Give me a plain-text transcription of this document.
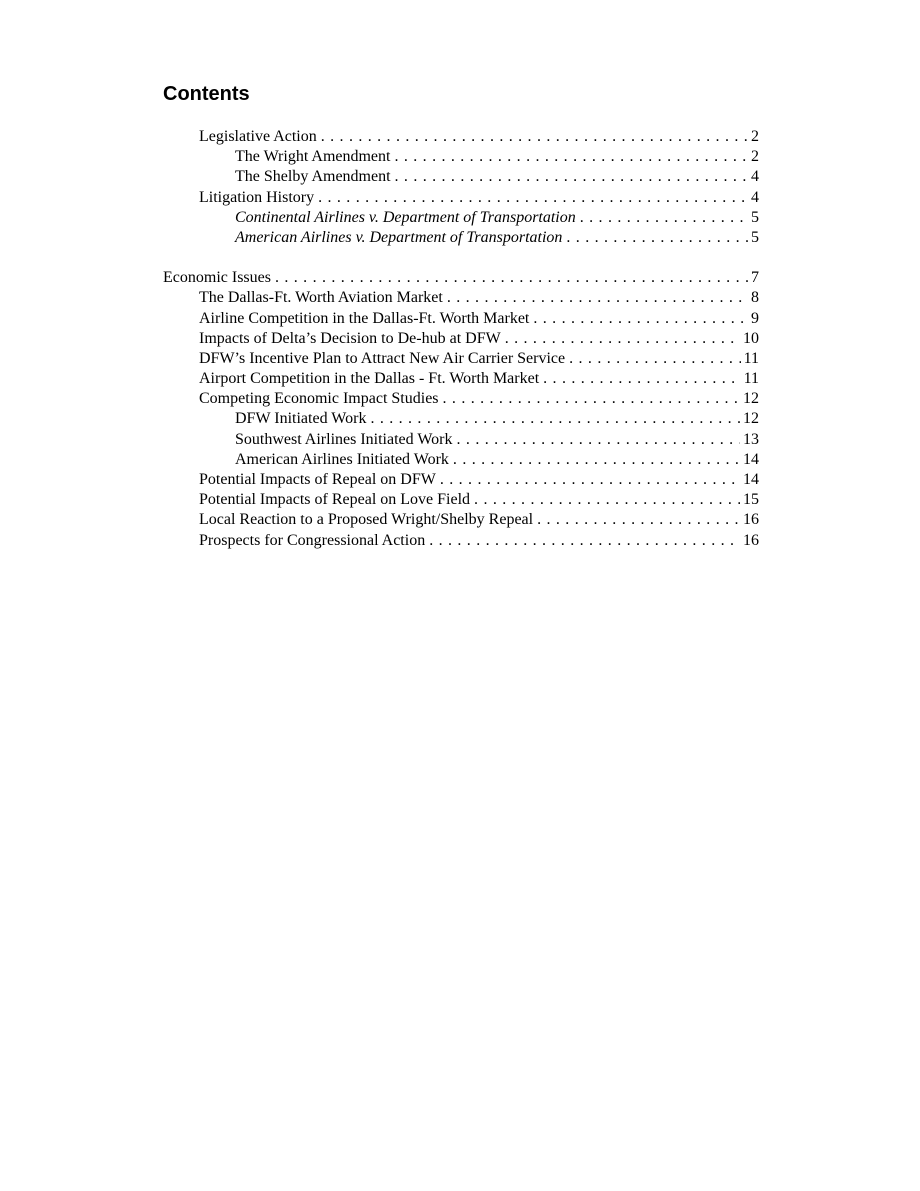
Contents
Legislative Action . . .	2
The Wright Amendment . . .	2
The Shelby Amendment . . .	4
Litigation History . . .	4
Continental Airlines v. Department of Transportation . . .	5
American Airlines v. Department of Transportation . . .	5
Economic Issues . . .	7
The Dallas-Ft. Worth Aviation Market . . .	8
Airline Competition in the Dallas-Ft. Worth Market . . .	9
Impacts of Delta’s Decision to De-hub at DFW . . .	10
DFW’s Incentive Plan to Attract New Air Carrier Service . . .	11
Airport Competition in the Dallas - Ft. Worth Market . . .	11
Competing Economic Impact Studies . . .	12
DFW Initiated Work . . .	12
Southwest Airlines Initiated Work . . .	13
American Airlines Initiated Work . . .	14
Potential Impacts of Repeal on DFW . . .	14
Potential Impacts of Repeal on Love Field . . .	15
Local Reaction to a Proposed Wright/Shelby Repeal . . .	16
Prospects for Congressional Action . . .	16
